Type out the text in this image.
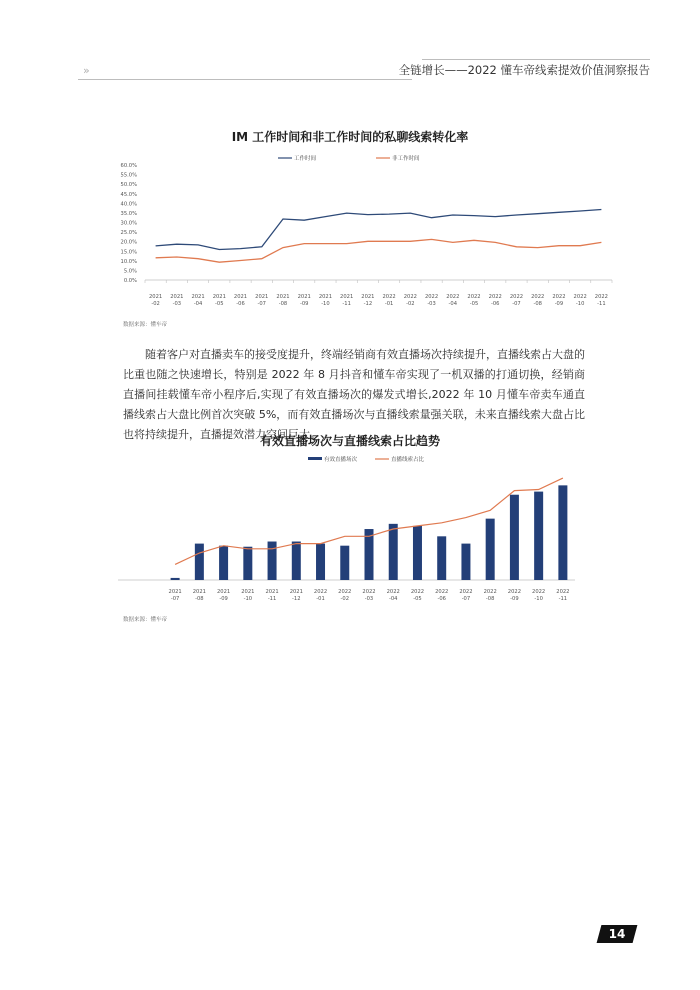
»	全链增长——2022 懂车帝线索提效价值洞察报告
IM 工作时间和非工作时间的私聊线索转化率
工作时间	非工作时间
60.0%
55.0%
50.0%
45.0%
40.0%
35.0%
30.0%
25.0%
20.0%
15.0%
10.0%
5.0%
0.0%
2021
-02
2021
-03
2021
-04
2021
-05
2021
-06
2021
-07
2021
-08
2021
-09
2021
-10
2021
-11
2021
-12
2022
-01
2022
-02
2022
-03
2022
-04
2022
-05
2022
-06
2022
-07
2022
-08
2022
-09
2022
-10
2022
-11
数据来源：懂车帝
随着客户对直播卖车的接受度提升，终端经销商有效直播场次持续提升，直播线索占大盘的比重也随之快速增长，特别是 2022 年 8 月抖音和懂车帝实现了一机双播的打通切换，经销商直播间挂载懂车帝小程序后,实现了有效直播场次的爆发式增长,2022 年 10 月懂车帝卖车通直播线索占大盘比例首次突破 5%，而有效直播场次与直播线索量强关联，未来直播线索大盘占比也将持续提升，直播提效潜力空间巨大。
有效直播场次与直播线索占比趋势
有效直播场次	直播线索占比
2021
-07
2021
-08
2021
-09
2021
-10
2021
-11
2021
-12
2022
-01
2022
-02
2022
-03
2022
-04
2022
-05
2022
-06
2022
-07
2022
-08
2022
-09
2022
-10
2022
-11
数据来源：懂车帝
14
